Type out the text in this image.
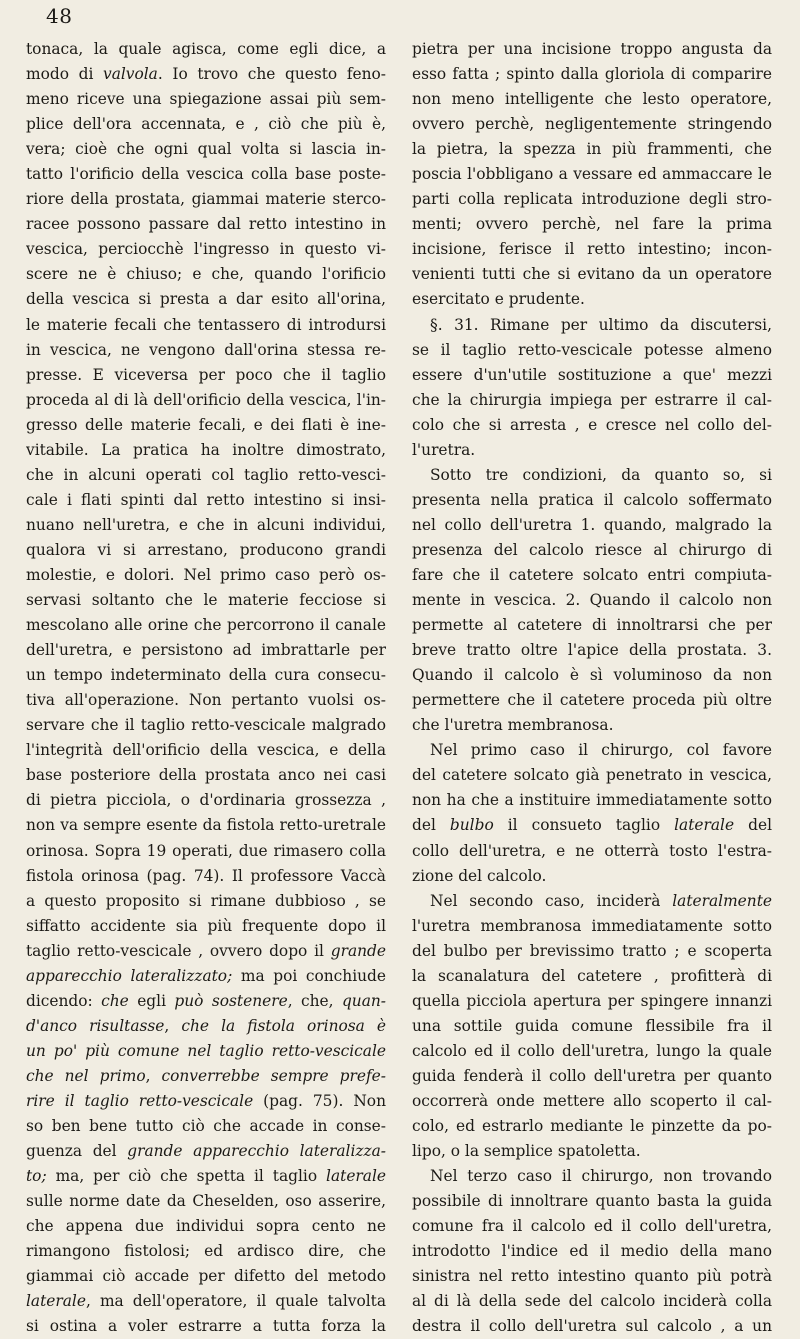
48
tonaca, la quale agisca, come egli dice, a
modo di valvola. Io trovo che questo feno-
meno riceve una spiegazione assai più sem-
plice dell'ora accennata, e , ciò che più è,
vera; cioè che ogni qual volta si lascia in-
tatto l'orificio della vescica colla base poste-
riore della prostata, giammai materie sterco-
racee possono passare dal retto intestino in
vescica, perciocchè l'ingresso in questo vi-
scere ne è chiuso; e che, quando l'orificio
della vescica si presta a dar esito all'orina,
le materie fecali che tentassero di introdursi
in vescica, ne vengono dall'orina stessa re-
presse. E viceversa per poco che il taglio
proceda al di là dell'orificio della vescica, l'in-
gresso delle materie fecali, e dei flati è ine-
vitabile. La pratica ha inoltre dimostrato,
che in alcuni operati col taglio retto-vesci-
cale i flati spinti dal retto intestino si insi-
nuano nell'uretra, e che in alcuni individui,
qualora vi si arrestano, producono grandi
molestie, e dolori. Nel primo caso però os-
servasi soltanto che le materie fecciose si
mescolano alle orine che percorrono il canale
dell'uretra, e persistono ad imbrattarle per
un tempo indeterminato della cura consecu-
tiva all'operazione. Non pertanto vuolsi os-
servare che il taglio retto-vescicale malgrado
l'integrità dell'orificio della vescica, e della
base posteriore della prostata anco nei casi
di pietra picciola, o d'ordinaria grossezza ,
non va sempre esente da fistola retto-uretrale
orinosa. Sopra 19 operati, due rimasero colla
fistola orinosa (pag. 74). Il professore Vaccà
a questo proposito si rimane dubbioso , se
siffatto accidente sia più frequente dopo il
taglio retto-vescicale , ovvero dopo il grande
apparecchio lateralizzato; ma poi conchiude
dicendo: che egli può sostenere, che, quan-
d'anco risultasse, che la fistola orinosa è
un po' più comune nel taglio retto-vescicale
che nel primo, converrebbe sempre prefe-
rire il taglio retto-vescicale (pag. 75). Non
so ben bene tutto ciò che accade in conse-
guenza del grande apparecchio lateralizza-
to; ma, per ciò che spetta il taglio laterale
sulle norme date da Cheselden, oso asserire,
che appena due individui sopra cento ne
rimangono fistolosi; ed ardisco dire, che
giammai ciò accade per difetto del metodo
laterale, ma dell'operatore, il quale talvolta
si ostina a voler estrarre a tutta forza la
pietra per una incisione troppo angusta da
esso fatta ; spinto dalla gloriola di comparire
non meno intelligente che lesto operatore,
ovvero perchè, negligentemente stringendo
la pietra, la spezza in più frammenti, che
poscia l'obbligano a vessare ed ammaccare le
parti colla replicata introduzione degli stro-
menti; ovvero perchè, nel fare la prima
incisione, ferisce il retto intestino; incon-
venienti tutti che si evitano da un operatore
esercitato e prudente.
§. 31. Rimane per ultimo da discutersi,
se il taglio retto-vescicale potesse almeno
essere d'un'utile sostituzione a que' mezzi
che la chirurgia impiega per estrarre il cal-
colo che si arresta , e cresce nel collo del-
l'uretra.
Sotto tre condizioni, da quanto so, si
presenta nella pratica il calcolo soffermato
nel collo dell'uretra 1. quando, malgrado la
presenza del calcolo riesce al chirurgo di
fare che il catetere solcato entri compiuta-
mente in vescica. 2. Quando il calcolo non
permette al catetere di innoltrarsi che per
breve tratto oltre l'apice della prostata. 3.
Quando il calcolo è sì voluminoso da non
permettere che il catetere proceda più oltre
che l'uretra membranosa.
Nel primo caso il chirurgo, col favore
del catetere solcato già penetrato in vescica,
non ha che a instituire immediatamente sotto
del bulbo il consueto taglio laterale del
collo dell'uretra, e ne otterrà tosto l'estra-
zione del calcolo.
Nel secondo caso, inciderà lateralmente
l'uretra membranosa immediatamente sotto
del bulbo per brevissimo tratto ; e scoperta
la scanalatura del catetere , profitterà di
quella picciola apertura per spingere innanzi
una sottile guida comune flessibile fra il
calcolo ed il collo dell'uretra, lungo la quale
guida fenderà il collo dell'uretra per quanto
occorrerà onde mettere allo scoperto il cal-
colo, ed estrarlo mediante le pinzette da po-
lipo, o la semplice spatoletta.
Nel terzo caso il chirurgo, non trovando
possibile di innoltrare quanto basta la guida
comune fra il calcolo ed il collo dell'uretra,
introdotto l'indice ed il medio della mano
sinistra nel retto intestino quanto più potrà
al di là della sede del calcolo inciderà colla
destra il collo dell'uretra sul calcolo , a un
